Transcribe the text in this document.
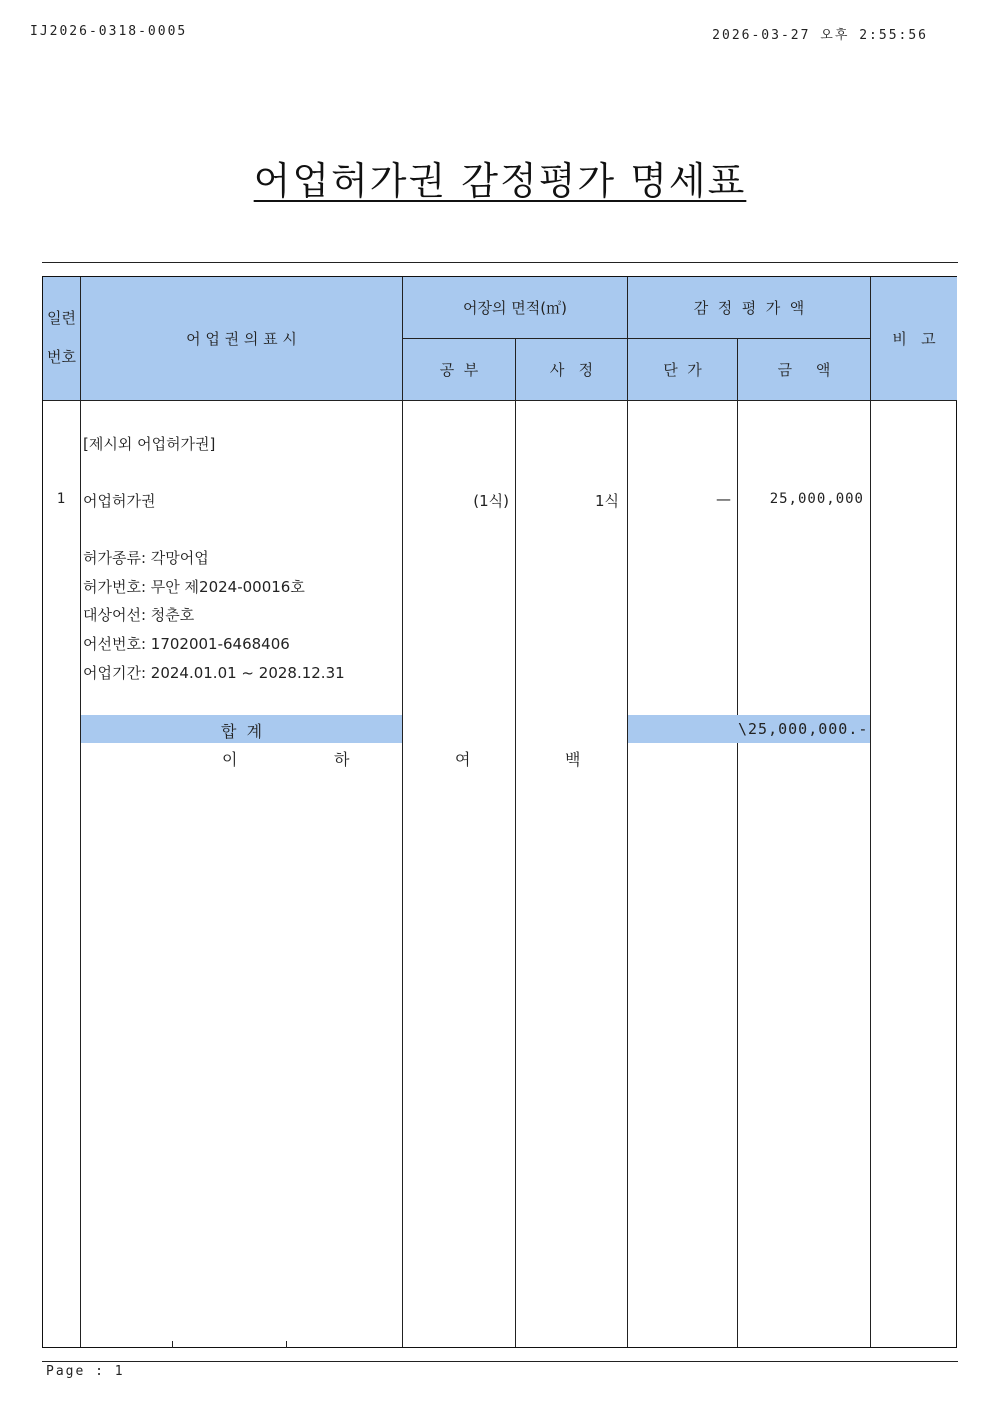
IJ2026-0318-0005	2026-03-27 오후 2:55:56
어업허가권 감정평가 명세표
일련
번호
어 업 권 의 표 시
어장의 면적(㎡)
공  부	사   정
감  정  평  가  액
단  가	금     액
비   고
[제시외 어업허가권]
1	어업허가권	(1식)	1식	—	25,000,000
허가종류: 각망어업
허가번호: 무안 제2024-00016호
대상어선: 청춘호
어선번호: 1702001-6468406
어업기간: 2024.01.01 ~ 2028.12.31
합  계	\25,000,000.-
이	하	여	백
Page : 1
